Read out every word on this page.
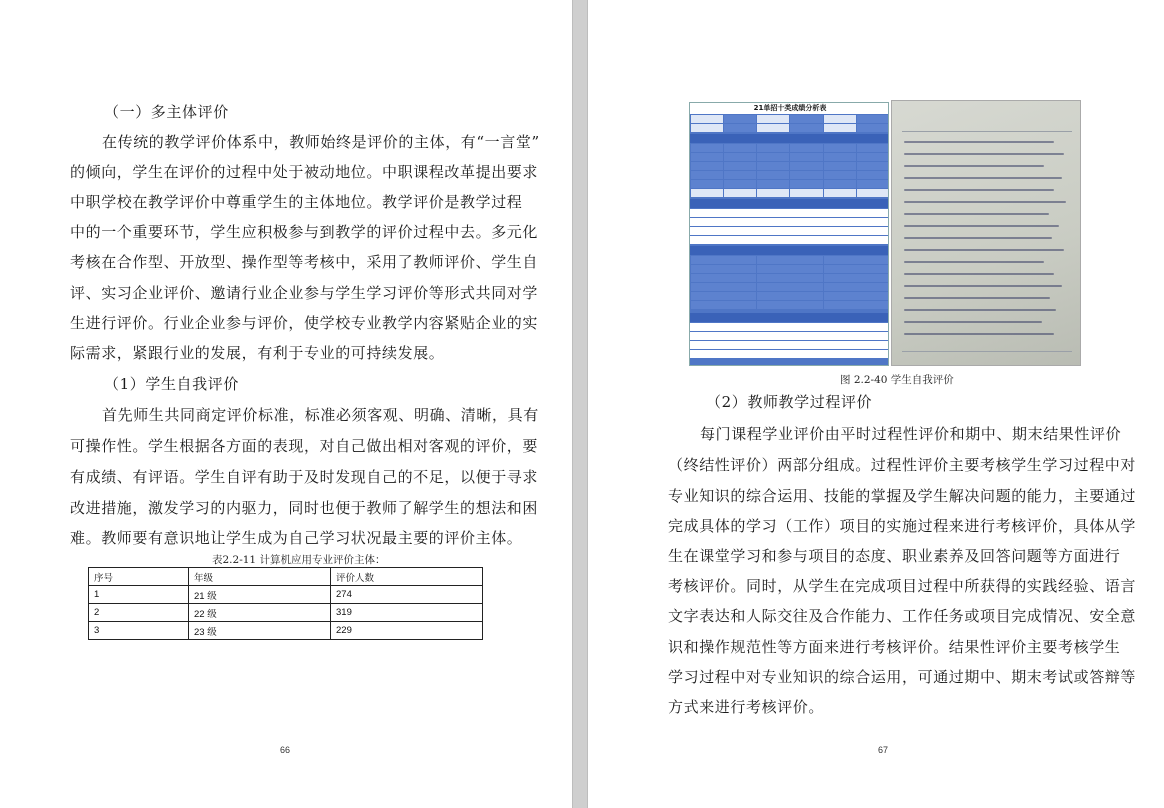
（一）多主体评价
在传统的教学评价体系中，教师始终是评价的主体，有“一言堂”
的倾向，学生在评价的过程中处于被动地位。中职课程改革提出要求
中职学校在教学评价中尊重学生的主体地位。教学评价是教学过程
中的一个重要环节，学生应积极参与到教学的评价过程中去。多元化
考核在合作型、开放型、操作型等考核中，采用了教师评价、学生自
评、实习企业评价、邀请行业企业参与学生学习评价等形式共同对学
生进行评价。行业企业参与评价，使学校专业教学内容紧贴企业的实
际需求，紧跟行业的发展，有利于专业的可持续发展。
（1）学生自我评价
首先师生共同商定评价标准，标准必须客观、明确、清晰，具有
可操作性。学生根据各方面的表现，对自己做出相对客观的评价，要
有成绩、有评语。学生自评有助于及时发现自己的不足，以便于寻求
改进措施，激发学习的内驱力，同时也便于教师了解学生的想法和困
难。教师要有意识地让学生成为自己学习状况最主要的评价主体。
表2.2-11 计算机应用专业评价主体：
序号	年级	评价人数
1	21 级	274
2	22 级	319
3	23 级	229
66	67
21单招十类成绩分析表
图 2.2-40 学生自我评价
（2）教师教学过程评价
每门课程学业评价由平时过程性评价和期中、期末结果性评价
（终结性评价）两部分组成。过程性评价主要考核学生学习过程中对
专业知识的综合运用、技能的掌握及学生解决问题的能力，主要通过
完成具体的学习（工作）项目的实施过程来进行考核评价，具体从学
生在课堂学习和参与项目的态度、职业素养及回答问题等方面进行
考核评价。同时，从学生在完成项目过程中所获得的实践经验、语言
文字表达和人际交往及合作能力、工作任务或项目完成情况、安全意
识和操作规范性等方面来进行考核评价。结果性评价主要考核学生
学习过程中对专业知识的综合运用，可通过期中、期末考试或答辩等
方式来进行考核评价。
